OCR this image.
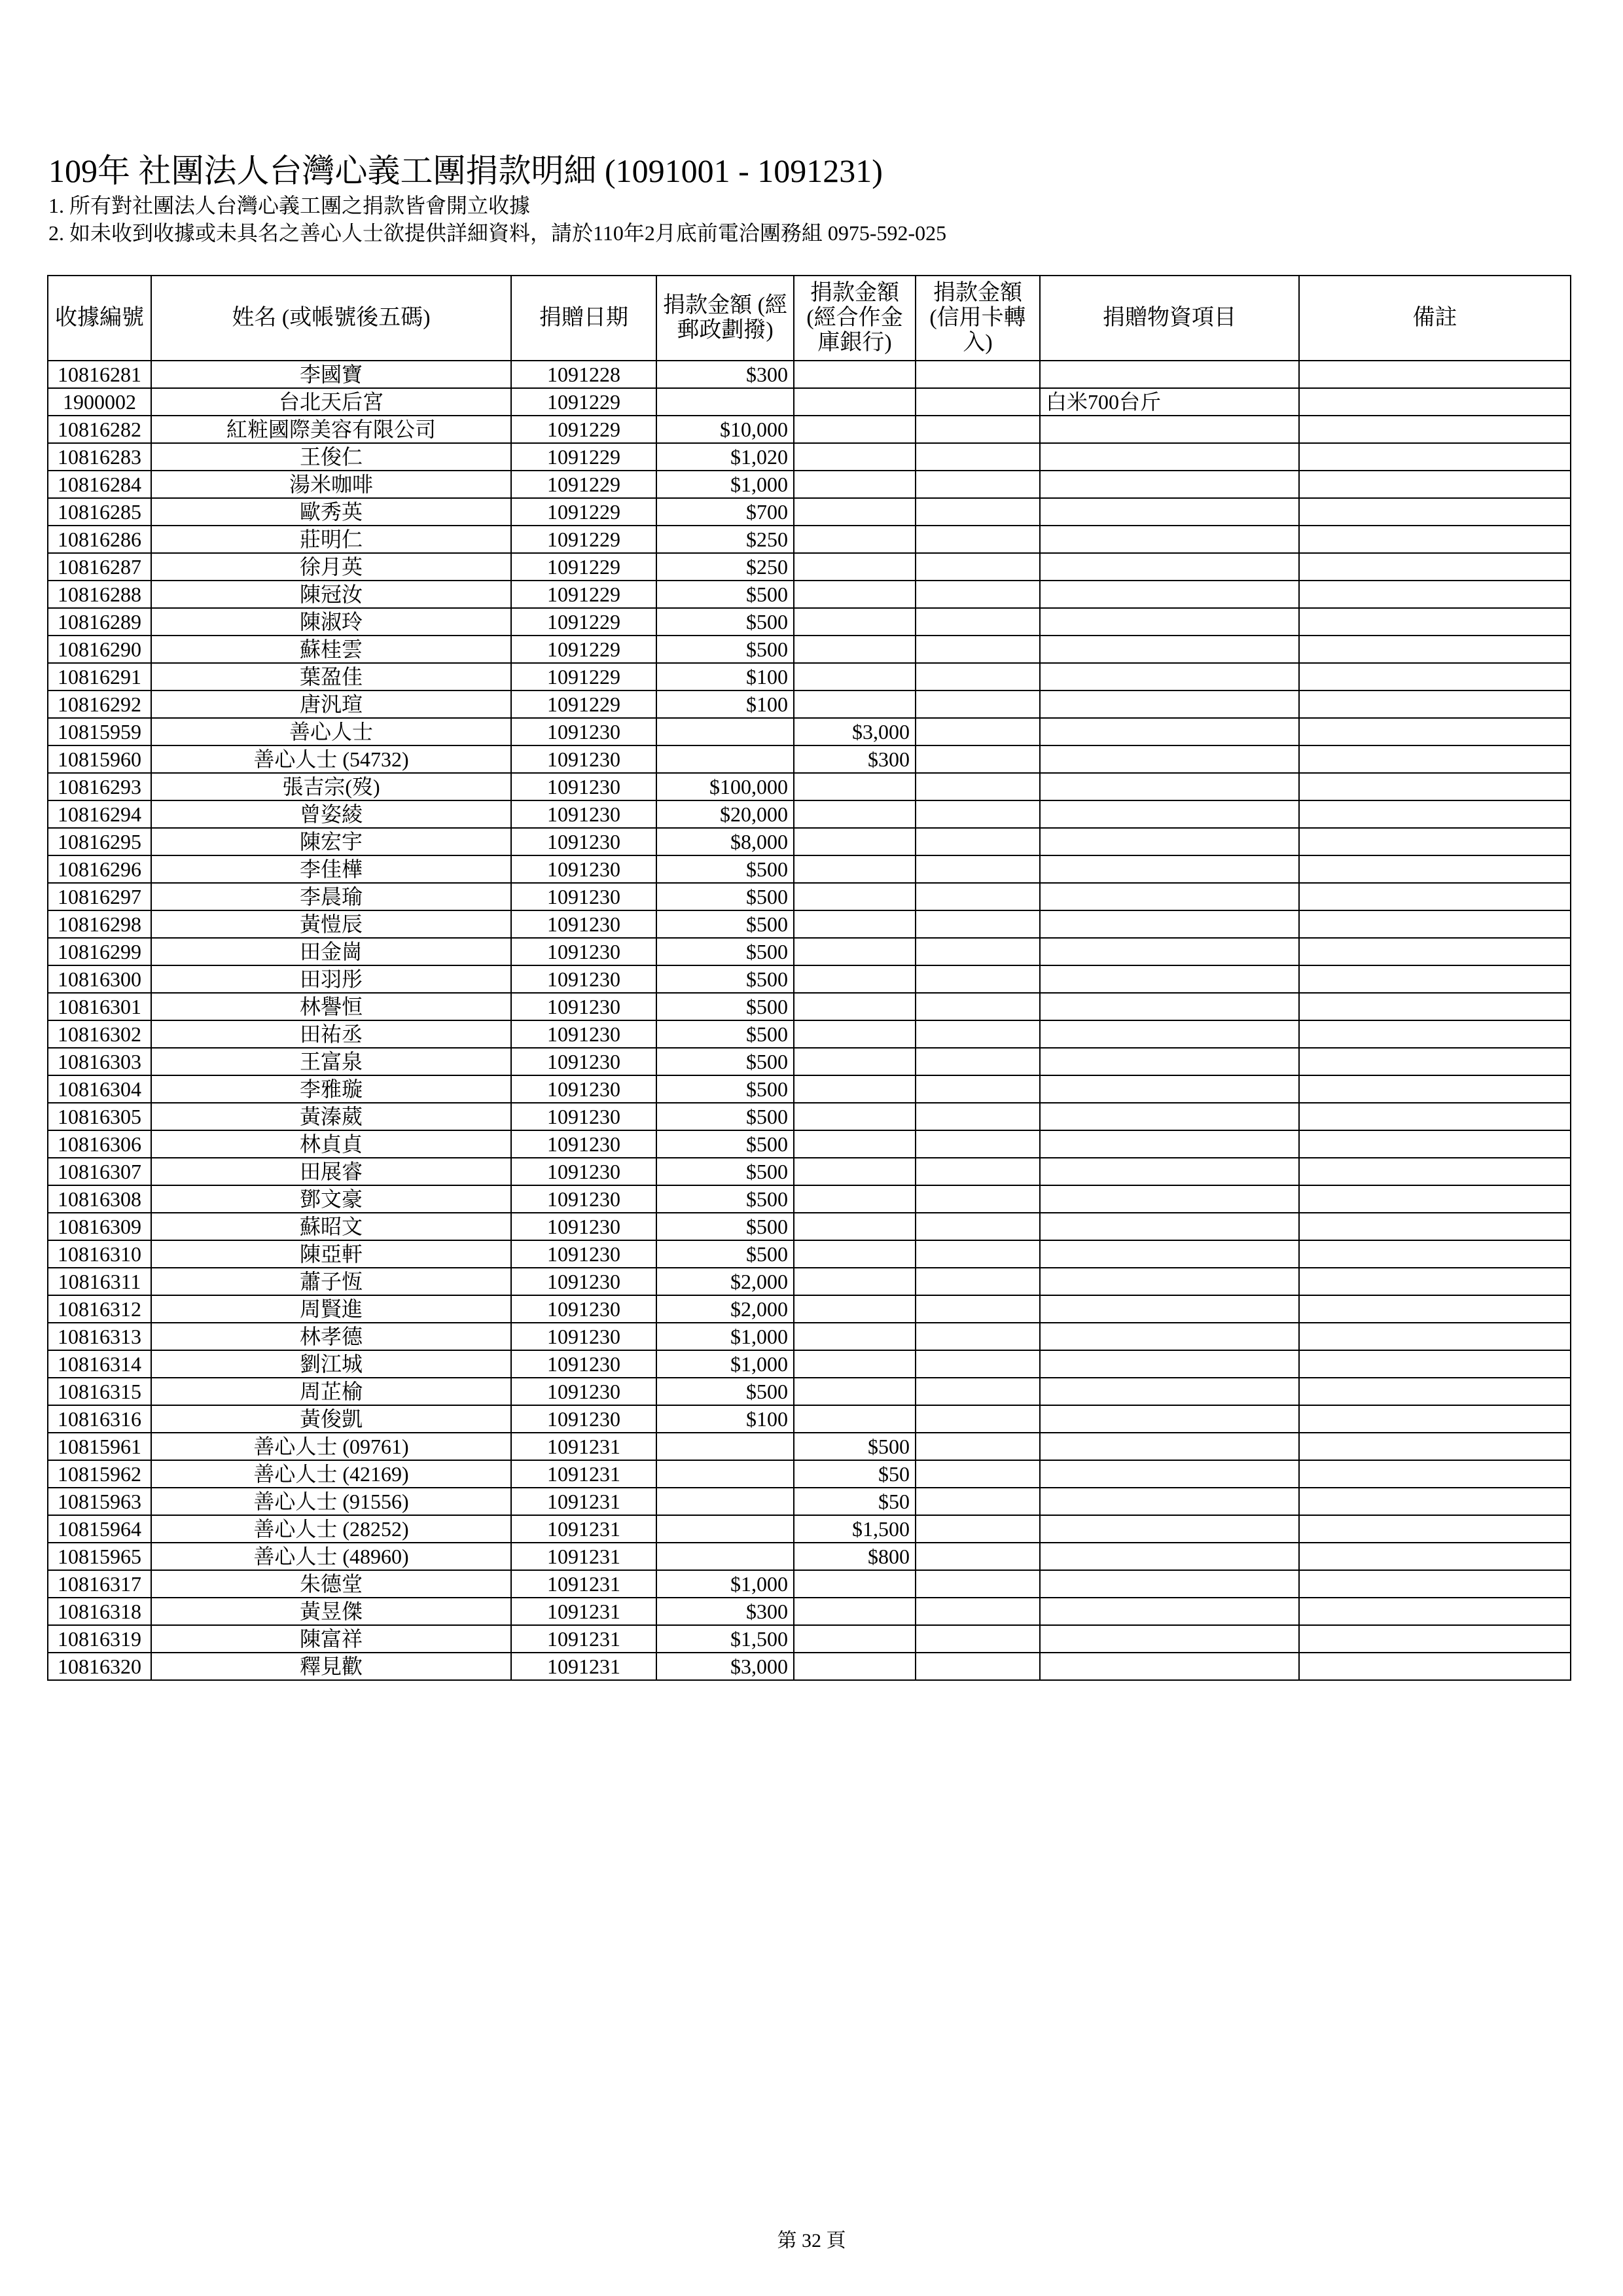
109年 社團法人台灣心義工團捐款明細 (1091001 - 1091231)
1. 所有對社團法人台灣心義工團之捐款皆會開立收據
2. 如未收到收據或未具名之善心人士欲提供詳細資料，請於110年2月底前電洽團務組 0975-592-025
收據編號	姓名 (或帳號後五碼)	捐贈日期	捐款金額 (經郵政劃撥)	捐款金額 (經合作金庫銀行)	捐款金額 (信用卡轉入)	捐贈物資項目	備註
10816281	李國寶	1091228	$300				
1900002	台北天后宮	1091229				白米700台斤	
10816282	紅粧國際美容有限公司	1091229	$10,000				
10816283	王俊仁	1091229	$1,020				
10816284	湯米咖啡	1091229	$1,000				
10816285	歐秀英	1091229	$700				
10816286	莊明仁	1091229	$250				
10816287	徐月英	1091229	$250				
10816288	陳冠汝	1091229	$500				
10816289	陳淑玲	1091229	$500				
10816290	蘇桂雲	1091229	$500				
10816291	葉盈佳	1091229	$100				
10816292	唐汎瑄	1091229	$100				
10815959	善心人士	1091230		$3,000			
10815960	善心人士 (54732)	1091230		$300			
10816293	張吉宗(歿)	1091230	$100,000				
10816294	曾姿綾	1091230	$20,000				
10816295	陳宏宇	1091230	$8,000				
10816296	李佳樺	1091230	$500				
10816297	李晨瑜	1091230	$500				
10816298	黃愷辰	1091230	$500				
10816299	田金崗	1091230	$500				
10816300	田羽彤	1091230	$500				
10816301	林譽恒	1091230	$500				
10816302	田祐丞	1091230	$500				
10816303	王富泉	1091230	$500				
10816304	李雅璇	1091230	$500				
10816305	黃溱葳	1091230	$500				
10816306	林貞貞	1091230	$500				
10816307	田展睿	1091230	$500				
10816308	鄧文豪	1091230	$500				
10816309	蘇昭文	1091230	$500				
10816310	陳亞軒	1091230	$500				
10816311	蕭子恆	1091230	$2,000				
10816312	周賢進	1091230	$2,000				
10816313	林孝德	1091230	$1,000				
10816314	劉江城	1091230	$1,000				
10816315	周芷榆	1091230	$500				
10816316	黃俊凱	1091230	$100				
10815961	善心人士 (09761)	1091231		$500			
10815962	善心人士 (42169)	1091231		$50			
10815963	善心人士 (91556)	1091231		$50			
10815964	善心人士 (28252)	1091231		$1,500			
10815965	善心人士 (48960)	1091231		$800			
10816317	朱德堂	1091231	$1,000				
10816318	黃昱傑	1091231	$300				
10816319	陳富祥	1091231	$1,500				
10816320	釋見歡	1091231	$3,000				
第 32 頁
